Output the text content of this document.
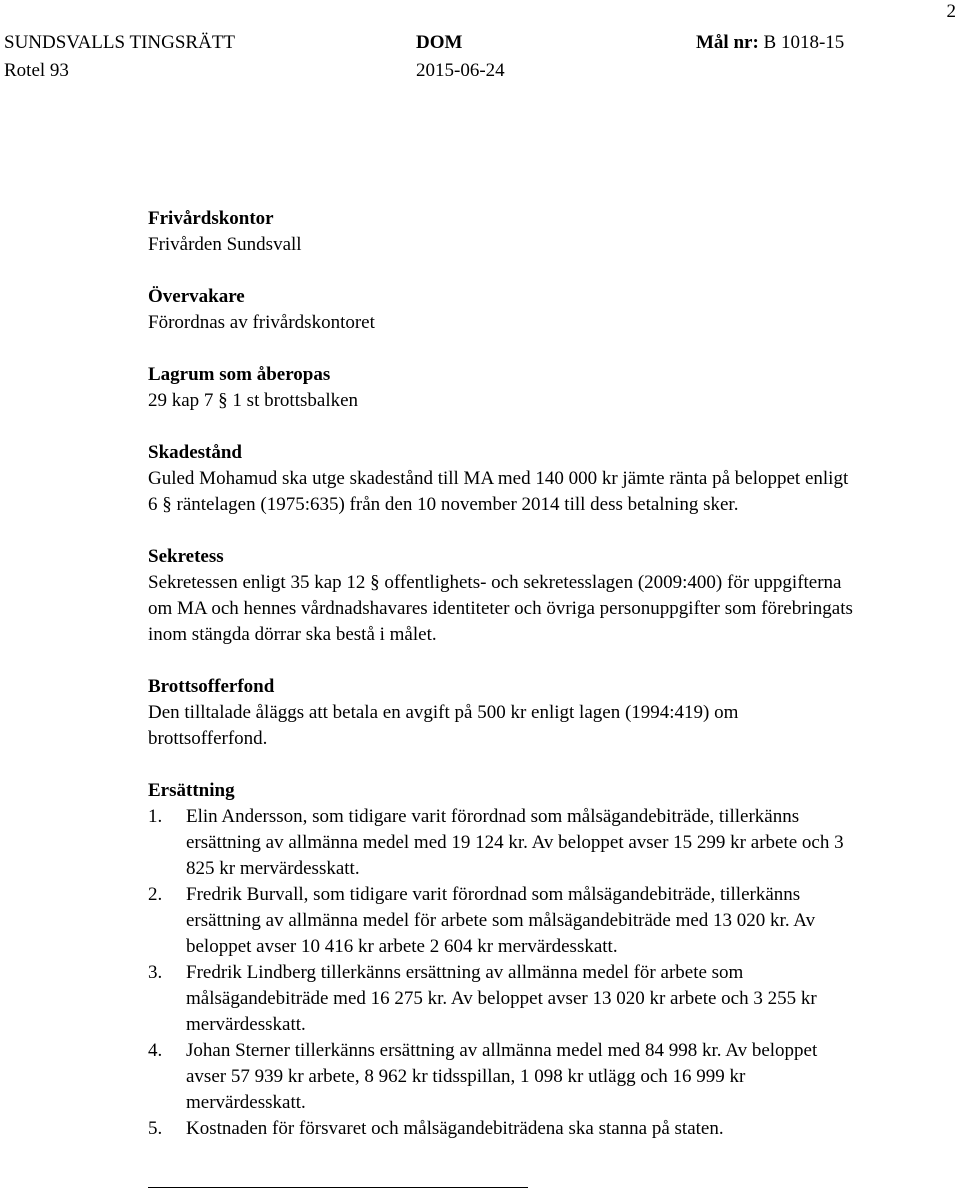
2
SUNDSVALLS TINGSRÄTT	DOM	Mål nr: B 1018-15
Rotel 93	2015-06-24

Frivårdskontor

Frivården Sundsvall

Övervakare

Förordnas av frivårdskontoret

Lagrum som åberopas

29 kap 7 § 1 st brottsbalken

Skadestånd

Guled Mohamud ska utge skadestånd till MA med 140 000 kr jämte ränta på beloppet enligt

6 § räntelagen (1975:635) från den 10 november 2014 till dess betalning sker.

Sekretess

Sekretessen enligt 35 kap 12 § offentlighets- och sekretesslagen (2009:400) för uppgifterna

om MA och hennes vårdnadshavares identiteter och övriga personuppgifter som förebringats

inom stängda dörrar ska bestå i målet.

Brottsofferfond

Den tilltalade åläggs att betala en avgift på 500 kr enligt lagen (1994:419) om

brottsofferfond.

Ersättning

1. Elin Andersson, som tidigare varit förordnad som målsägandebiträde, tillerkänns
ersättning av allmänna medel med 19 124 kr. Av beloppet avser 15 299 kr arbete och 3
825 kr mervärdesskatt.
2. Fredrik Burvall, som tidigare varit förordnad som målsägandebiträde, tillerkänns
ersättning av allmänna medel för arbete som målsägandebiträde med 13 020 kr. Av
beloppet avser 10 416 kr arbete 2 604 kr mervärdesskatt.
3. Fredrik Lindberg tillerkänns ersättning av allmänna medel för arbete som
målsägandebiträde med 16 275 kr. Av beloppet avser 13 020 kr arbete och 3 255 kr
mervärdesskatt.
4. Johan Sterner tillerkänns ersättning av allmänna medel med 84 998 kr. Av beloppet
avser 57 939 kr arbete, 8 962 kr tidsspillan, 1 098 kr utlägg och 16 999 kr
mervärdesskatt.
5. Kostnaden för försvaret och målsägandebiträdena ska stanna på staten.
